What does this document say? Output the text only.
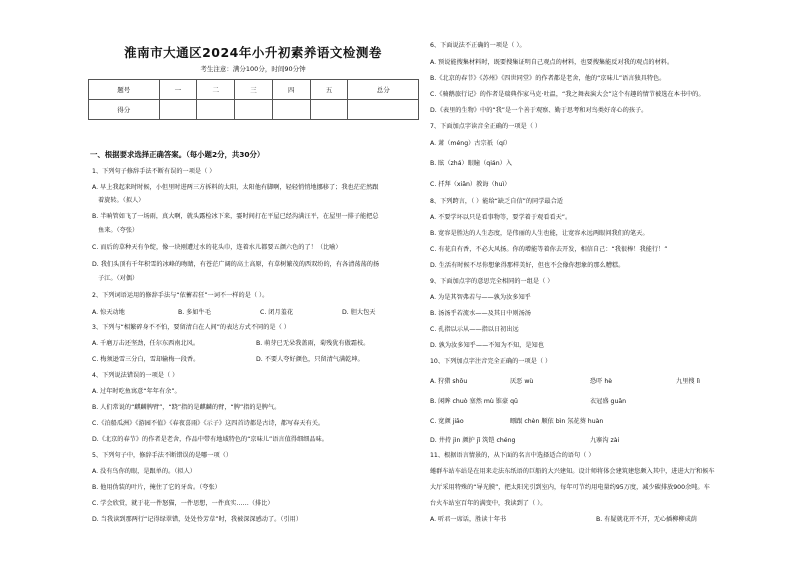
淮南市大通区2024年小升初素养语文检测卷
考生注意：满分100分，时间90分钟
题号	一	二	三	四	五	总分
得分						
一、根据要求选择正确答案。（每小题2分，共30分）
1、下列句子修辞手法不断有误的一项是（ ）
A. 早上我起来时时候，小但里时进两三方拆料的太阳，太阳他有脚啊，轻轻悄悄地挪移了；我也茫茫然跟
着旋转。（拟人）
B. 半晌管如飞了一场雨，真大啊，就头露检冰下来，霎时间打在平屋已经沟满汪平，在屋里一排子能把总
鱼来。（夸张）
C. 而后的草种天有争绽，像一块刚遭过水的花头巾，连着水儿都要五颜六色的了！（比喻）
D. 我们头顶有千年积雪的冰峰的吻睛，有苍茫广阔的高土高原，有草树繁茂的西双纷的，有各清荡荡的扬
子江。（对偶）
2、下列词语运用的修辞手法与“依蓄若狂”一词不一样的是（ ）。
A. 惊天动地	B. 多如牛毛	C. 闭月羞花	D. 胆大包天
3、下列与“相繁碎身不不怕，要留清白在人间”的表达方式不同的是（ ）
A. 千磨万击还坚劲，任尔东西南北风。	B. 萌芽已无朵我盖雨，菊残犹有傲霜枝。
C. 梅须逊雪三分白，雪却输梅一段香。	D. 不要人夸好颜色，只留清气满乾坤。
4、下列说法错误的一项是（ ）
A. 过年时吃鱼寓意“年年有余”。
B. 人们常说的“麒麟脾臂”，“跷”指的是麒麟的臂，“脾”指的是脾气。
C.《泊船瓜洲》《游园不值》《春夜喜雨》《示子》这四首诗都是古诗，都写春天有关。
D.《北京的春节》的作者是老舍，作品中带有地域特色的“京味儿”语言值得细细品味。
5、下列句子中，修辞手法不断错误的是哪一项（）
A. 没有鸟你的眼，是跟单的。（拟人）
B. 他用伪装的叶片，掩住了它的牙齿。（夸张）
C. 学会欣赏，就于花一件怒猫，一件思想，一件真实……（排比）
D. 当我读到那两行“记得绿翠错，处处怜芳草”时，我被深深感动了。（引用）
6、下面说法不正确的一项是（ ）。
A. 预说能搜集材料时，既要搜集证明自己观点的材料，也要搜集能反对我的观点的材料。
B.《北京的春节》《苏州》《四世同堂》的作者都是老舍，他的“京味儿”语言独具特色。
C.《骑鹅旅行记》的作者是瑞典作家马克·吐温，“我之舞表演大会”这个有趣的情节被选在本书中的。
D.《表里的生物》中的“我”是一个善于观察、勤于思考和对鸟类好奇心的孩子。
7、下面加点字读音全正确的一项是（ ）
A. 萧（méng）古宗祇（qí）
B. 眩（zhá）眼瞳（qián）入
C. 扦拜（xiān）教诲（huì）
8、下列跨言，（ ）能给“缺乏自信”的同学最合适
A. 不要学坏以只是看事物等，要学着于观看看天”。
B. 宽容是胜达的人生态度，是伟丽的人生也能，让宽容永远两眼问我们的笔天。
C. 有花自有香，不必大风扬。你的增能等着你去开发，相信自己：“我很棒！我能行！”
D. 生活有时候不尽你想象得那样美好，但也不会像你想象的那么糟糕。
9、下面加点字的意思完全相同的一组是（ ）
A. 为是其智弗若与——孰为汝多知乎
B. 汤汤乎若流水——及其日中则汤汤
C. 孔指以示从——指以日初出远
D. 孰为汝多知乎——不知为不知，是知也
10、下列加点字注音完全正确的一项是（ ）
A. 狩猎 shōu	厌恶 wù	恐吓 hè	九里搜 lì
B. 闲眸 chuò 塞然 mù 锥豪 qū	衣冠盛 guān
C. 宽颜 jiāo	瞟跟 chèn 顺依 bìn 氖花葵 huàn
D. 井持 jìn 颜护 jǐ 筑铠 chéng	九寨沟 zài
11、根据语言情景的，从下面的名言中选择适合的语句（ ）
蜷群车站车站是在用来走法东纸语的巨船的大兴建知。设计师将体会建筑建您颇入其中，进进大厅和候车
大厅采用特殊的“导光膜”，把太阳光引到室内，每年可节约用电量约95万度，减少碳排放900余吨。车
台火车站室百年的满变中，我读到了（ ）。
A. 听君一席话，胜读十年书	B. 有疑就花开不开，无心插柳柳成荫
